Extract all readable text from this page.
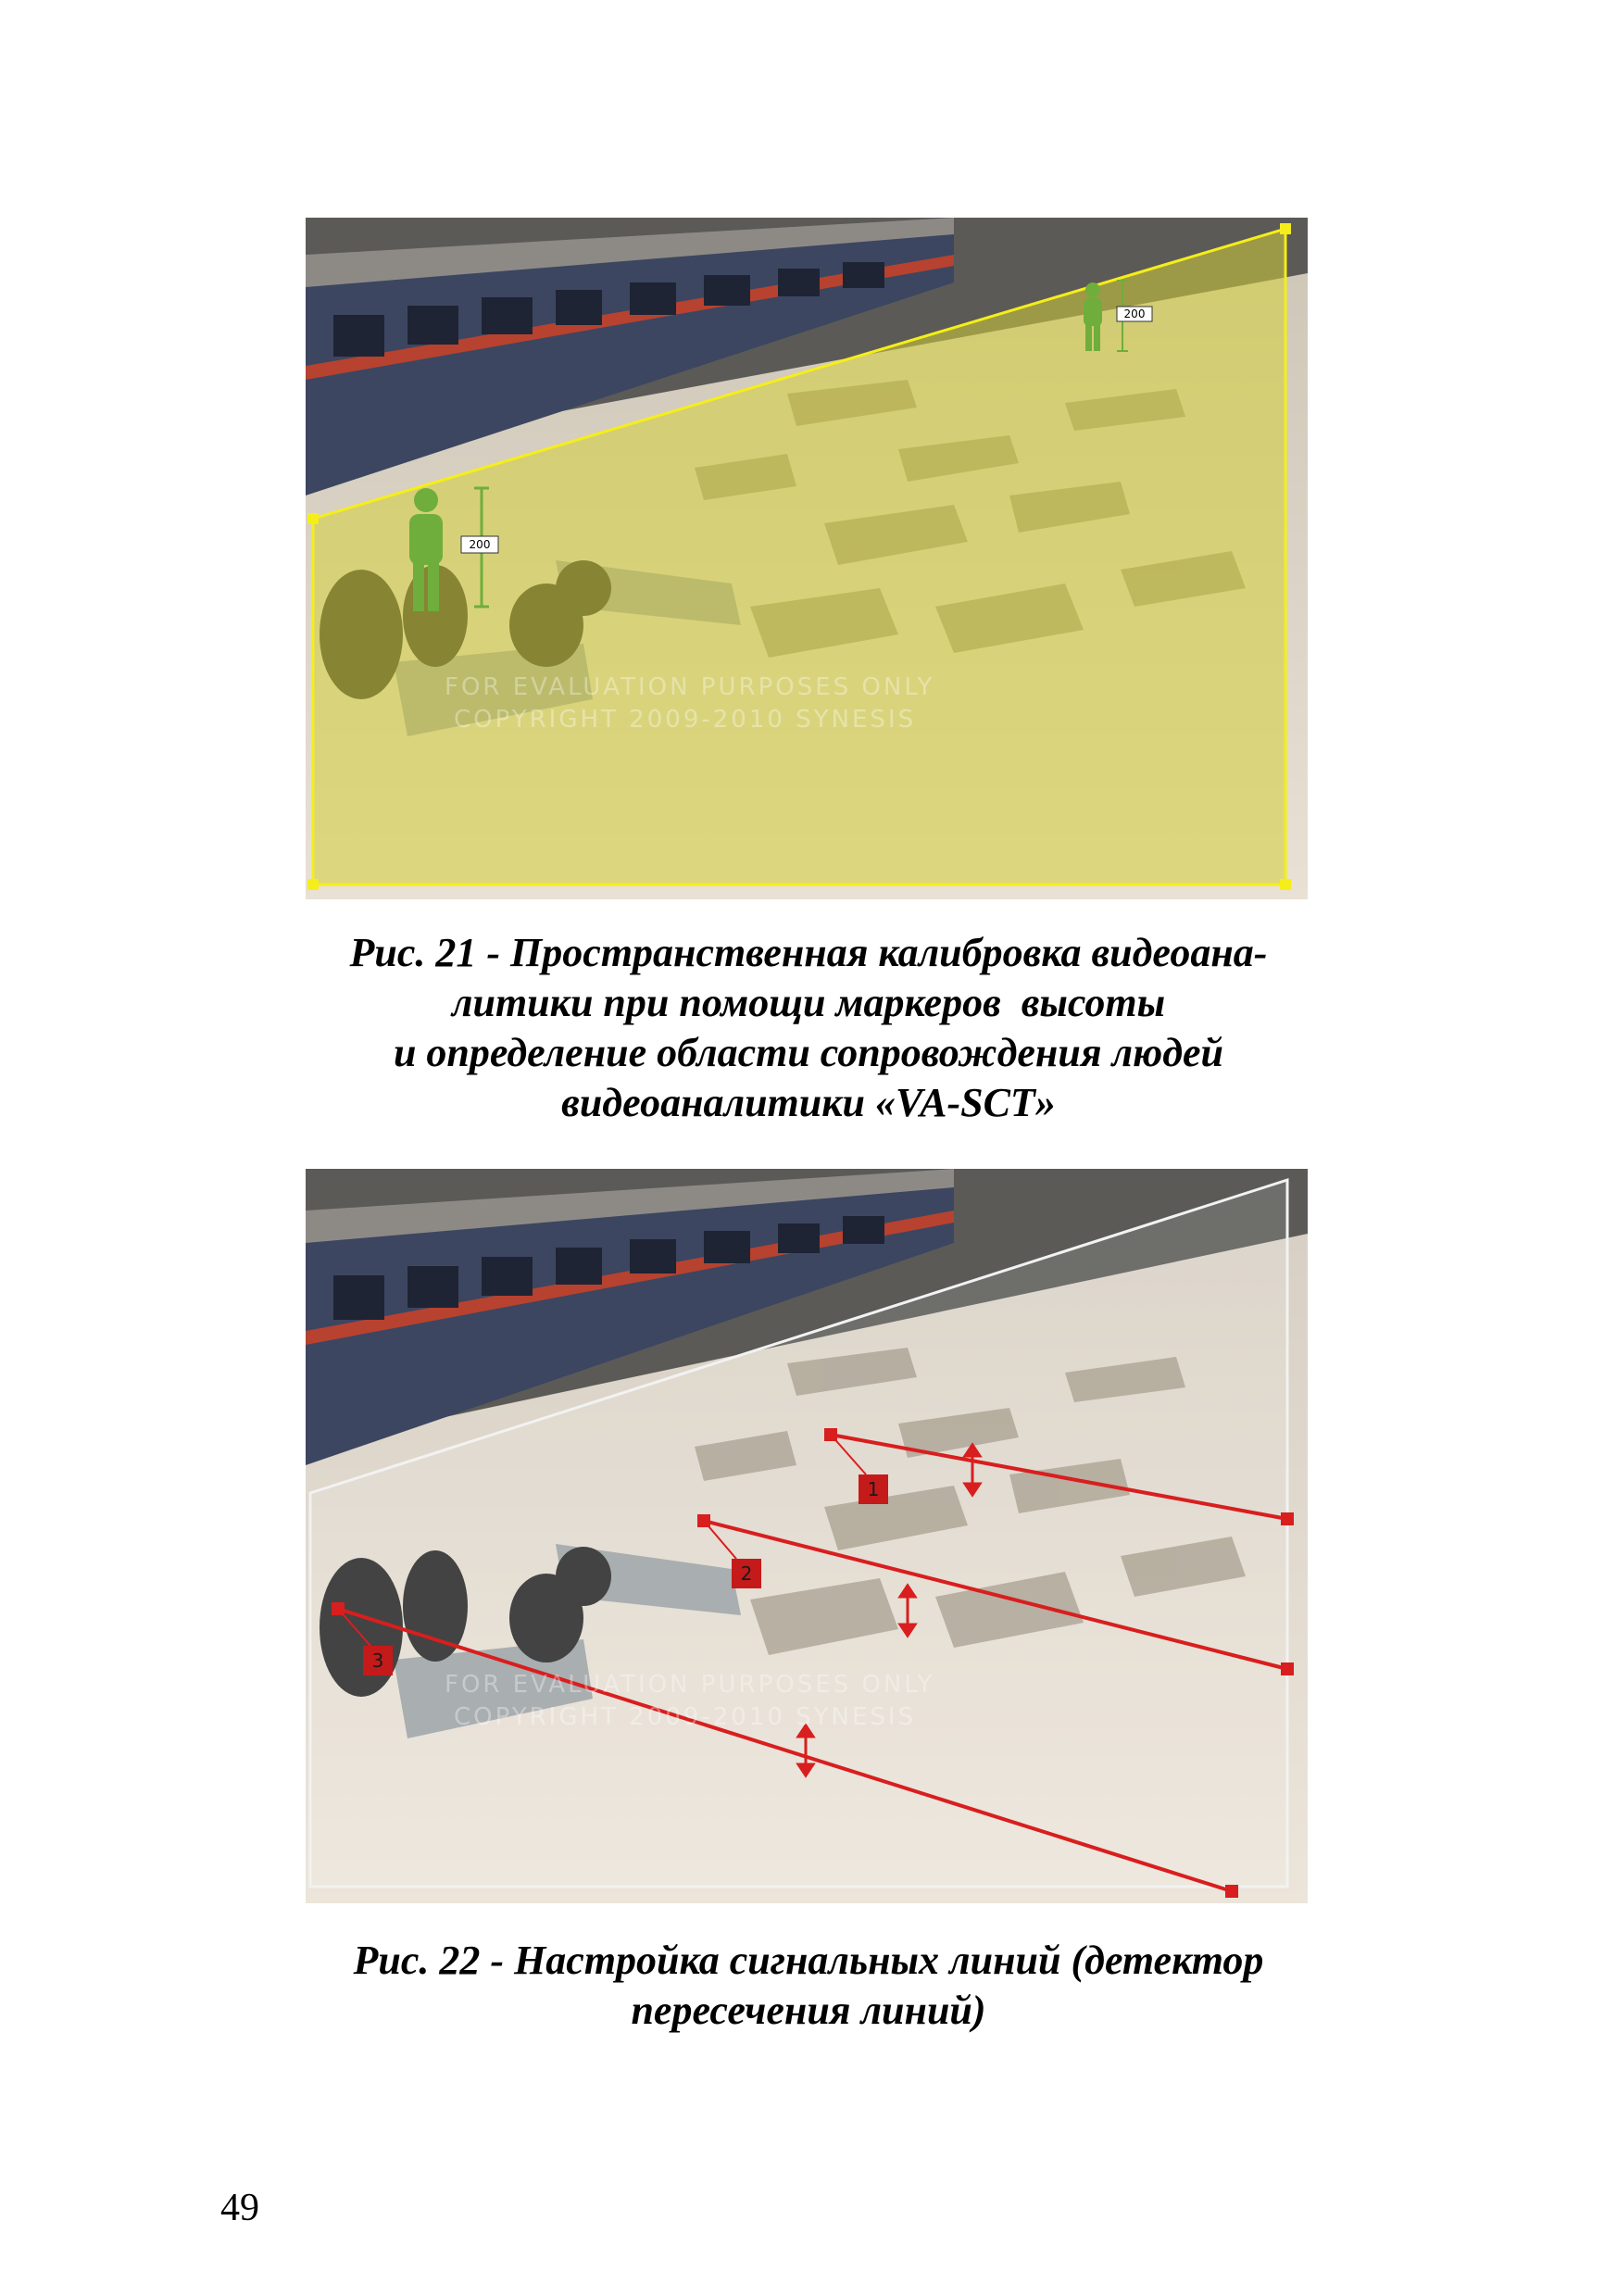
200
200
FOR EVALUATION PURPOSES ONLY
COPYRIGHT 2009-2010 SYNESIS
Рис. 21 - Пространственная калибровка видеоана-
литики при помощи маркеров  высоты
и определение области сопровождения людей
видеоаналитики «VA-SCT»
1
2
3
FOR EVALUATION PURPOSES ONLY
COPYRIGHT 2009-2010 SYNESIS
Рис. 22 - Настройка сигнальных линий (детектор
пересечения линий)
49
